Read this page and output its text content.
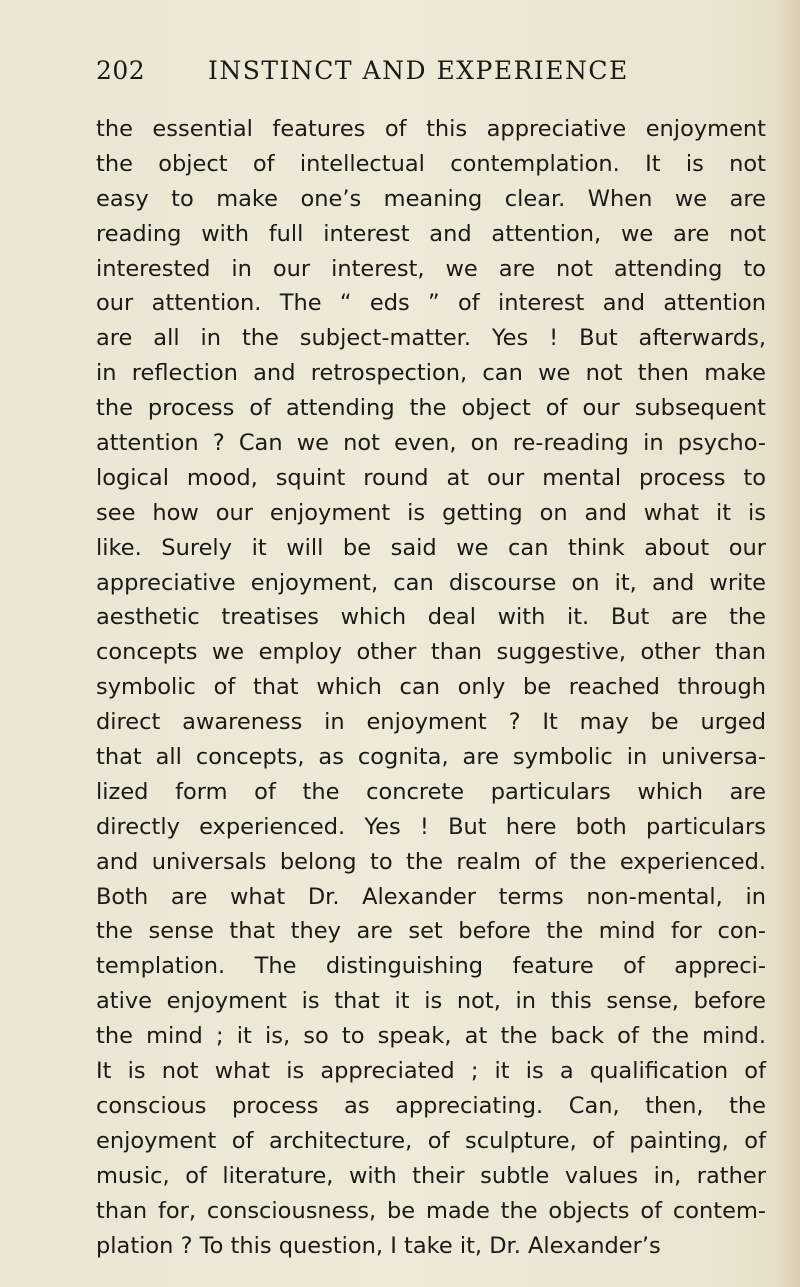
202	INSTINCT AND EXPERIENCE
the essential features of this appreciative enjoyment
the object of intellectual contemplation. It is not
easy to make one’s meaning clear. When we are
reading with full interest and attention, we are not
interested in our interest, we are not attending to
our attention. The “ eds ” of interest and attention
are all in the subject-matter. Yes ! But afterwards,
in reflection and retrospection, can we not then make
the process of attending the object of our subsequent
attention ? Can we not even, on re-reading in psycho-
logical mood, squint round at our mental process to
see how our enjoyment is getting on and what it is
like. Surely it will be said we can think about our
appreciative enjoyment, can discourse on it, and write
aesthetic treatises which deal with it. But are the
concepts we employ other than suggestive, other than
symbolic of that which can only be reached through
direct awareness in enjoyment ? It may be urged
that all concepts, as cognita, are symbolic in universa-
lized form of the concrete particulars which are
directly experienced. Yes ! But here both particulars
and universals belong to the realm of the experienced.
Both are what Dr. Alexander terms non-mental, in
the sense that they are set before the mind for con-
templation. The distinguishing feature of appreci-
ative enjoyment is that it is not, in this sense, before
the mind ; it is, so to speak, at the back of the mind.
It is not what is appreciated ; it is a qualification of
conscious process as appreciating. Can, then, the
enjoyment of architecture, of sculpture, of painting, of
music, of literature, with their subtle values in, rather
than for, consciousness, be made the objects of contem-
plation ? To this question, I take it, Dr. Alexander’s
